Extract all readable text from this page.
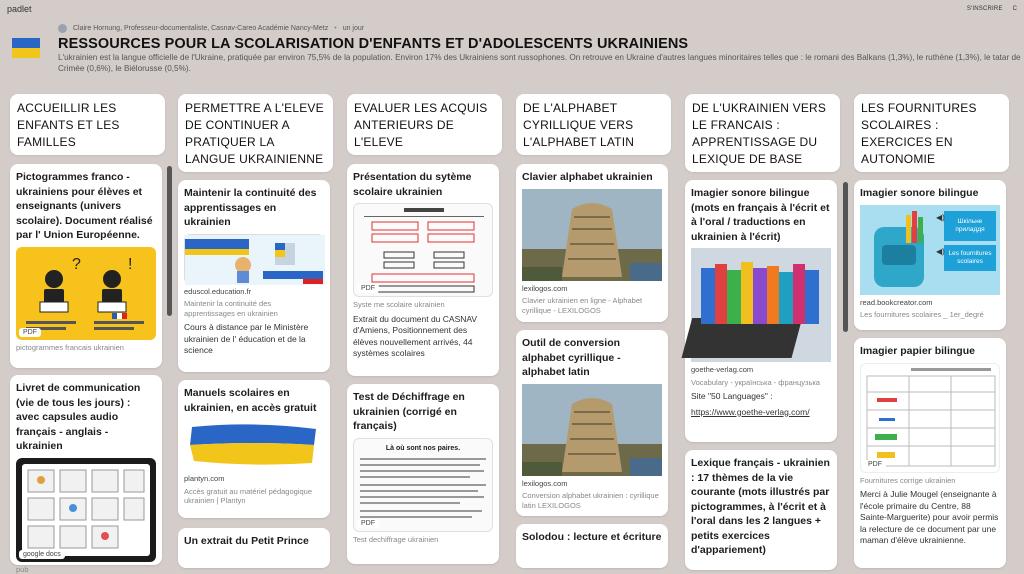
padlet	S'INSCRIRE C
Claire Hornung, Professeur-documentaliste, Casnav-Careo Académie Nancy-Metz • un jour
RESSOURCES POUR LA SCOLARISATION D'ENFANTS ET D'ADOLESCENTS UKRAINIENS
L'ukrainien est la langue officielle de l'Ukraine, pratiquée par environ 75,5% de la population. Environ 17% des Ukrainiens sont russophones. On retrouve en Ukraine d'autres langues minoritaires telles que : le romani des Balkans (1,3%), le ruthène (1,3%), le tatar de Crimée (0,6%), le Biélorusse (0,5%).
ACCUEILLIR LES ENFANTS ET LES FAMILLES
Pictogrammes franco - ukrainiens pour élèves et enseignants (univers scolaire). Document réalisé par l' Union Européenne.
?	!
PDF
pictogrammes francais ukrainien
Livret de communication (vie de tous les jours) : avec capsules audio français - anglais - ukrainien
google docs
pub
PERMETTRE A L'ELEVE DE CONTINUER A PRATIQUER LA LANGUE UKRAINIENNE
Maintenir la continuité des apprentissages en ukrainien
eduscol.education.fr
Maintenir la continuité des apprentissages en ukrainien
Cours à distance par le Ministère ukrainien de l' éducation et de la science
Manuels scolaires en ukrainien, en accès gratuit
plantyn.com
Accès gratuit au matériel pédagogique ukrainien | Plantyn
Un extrait du Petit Prince
EVALUER LES ACQUIS ANTERIEURS DE L'ELEVE
Présentation du sytème scolaire ukrainien
PDF
Syste me scolaire ukrainien
Extrait du document du CASNAV d'Amiens, Positionnement des élèves nouvellement arrivés, 44 systèmes scolaires
Test de Déchiffrage en ukrainien (corrigé en français)
Là où sont nos paires.
PDF
Test dechiffrage ukrainien
DE L'ALPHABET CYRILLIQUE VERS L'ALPHABET LATIN
Clavier alphabet ukrainien
lexilogos.com
Clavier ukrainien en ligne - Alphabet cyrillique - LEXILOGOS
Outil de conversion alphabet cyrillique - alphabet latin
lexilogos.com
Conversion alphabet ukrainien : cyrillique latin LEXILOGOS
Solodou : lecture et écriture
DE L'UKRAINIEN VERS LE FRANCAIS : APPRENTISSAGE DU LEXIQUE DE BASE
Imagier sonore bilingue (mots en français à l'écrit et à l'oral / traductions en ukrainien à l'écrit)
goethe-verlag.com
Vocabulary - українська - французька
Site "50 Languages" :
https://www.goethe-verlag.com/
Lexique français - ukrainien : 17 thèmes de la vie courante (mots illustrés par pictogrammes, à l'écrit et à l'oral dans les 2 langues + petits exercices d'appariement)
LES FOURNITURES SCOLAIRES : EXERCICES EN AUTONOMIE
Imagier sonore bilingue
Шкільне приладдя
Les fournitures scolaires
◀)
◀)
read.bookcreator.com
Les fournitures scolaires _ 1er_degré
Imagier papier bilingue
PDF
Fournitures corrige ukrainien
Merci à Julie Mougel (enseignante à l'école primaire du Centre, 88 Sainte-Marguerite) pour avoir permis la relecture de ce document par une maman d'élève ukrainienne.
